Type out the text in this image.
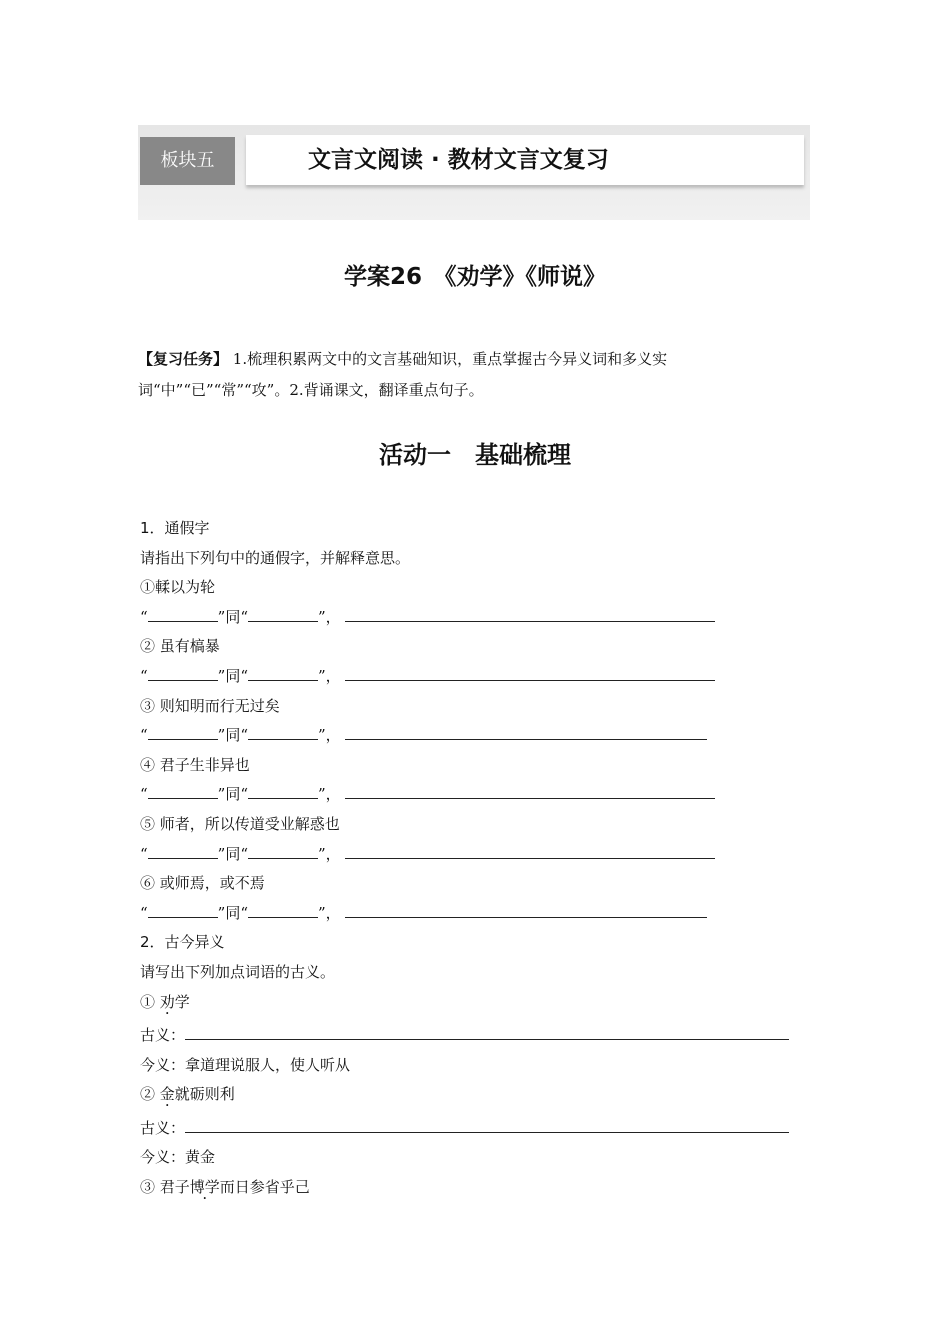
板块五	文言文阅读 · 教材文言文复习
学案26　《劝学》《师说》
【复习任务】 1.梳理积累两文中的文言基础知识，重点掌握古今异义词和多义实词“中”“已”“常”“攻”。2.背诵课文，翻译重点句子。
活动一　基础梳理
1．通假字
请指出下列句中的通假字，并解释意思。
①輮以为轮
“	”同“	”，
② 虽有槁暴
“	”同“	”，
③ 则知明而行无过矣
“	”同“	”，
④ 君子生非异也
“	”同“	”，
⑤ 师者，所以传道受业解惑也
“	”同“	”，
⑥ 或师焉，或不焉
“	”同“	”，
2．古今异义
请写出下列加点词语的古义。
① 劝学
古义：
今义：拿道理说服人，使人听从
② 金就砺则利
古义：
今义：黄金
③ 君子博学而日参省乎己
